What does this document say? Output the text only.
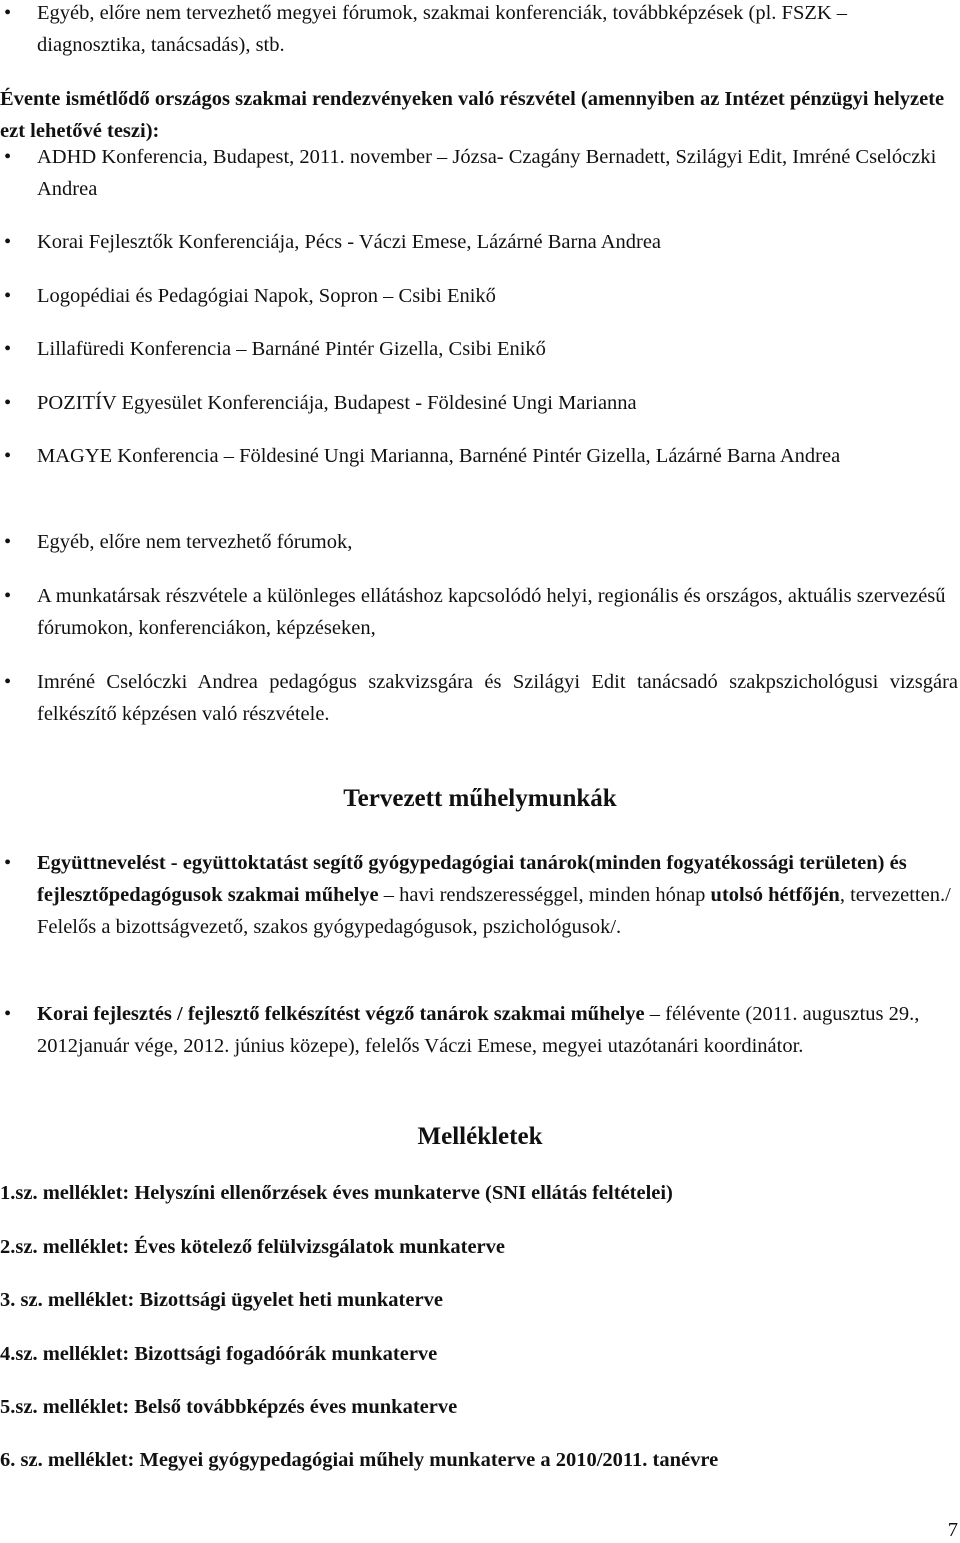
• Egyéb, előre nem tervezhető megyei fórumok, szakmai konferenciák, továbbképzések (pl. FSZK – diagnosztika, tanácsadás), stb.
Évente ismétlődő országos szakmai rendezvényeken való részvétel (amennyiben az Intézet pénzügyi helyzete ezt lehetővé teszi):
• ADHD Konferencia, Budapest, 2011. november – Józsa- Czagány Bernadett, Szilágyi Edit, Imréné Cselóczki Andrea
• Korai Fejlesztők Konferenciája, Pécs - Váczi Emese, Lázárné Barna Andrea
• Logopédiai és Pedagógiai Napok, Sopron – Csibi Enikő
• Lillafüredi Konferencia – Barnáné Pintér Gizella, Csibi Enikő
• POZITÍV Egyesület Konferenciája, Budapest - Földesiné Ungi Marianna
• MAGYE Konferencia – Földesiné Ungi Marianna, Barnéné Pintér Gizella, Lázárné Barna Andrea
• Egyéb, előre nem tervezhető fórumok,
• A munkatársak részvétele a különleges ellátáshoz kapcsolódó helyi, regionális és országos, aktuális szervezésű fórumokon, konferenciákon, képzéseken,
• Imréné Cselóczki Andrea pedagógus szakvizsgára és Szilágyi Edit tanácsadó szakpszichológusi vizsgára felkészítő képzésen való részvétele.
Tervezett műhelymunkák
• Együttnevelést - együttoktatást segítő gyógypedagógiai tanárok(minden fogyatékossági területen) és fejlesztőpedagógusok szakmai műhelye – havi rendszerességgel, minden hónap utolsó hétfőjén, tervezetten./ Felelős a bizottságvezető, szakos gyógypedagógusok, pszichológusok/.
• Korai fejlesztés / fejlesztő felkészítést végző tanárok szakmai műhelye – félévente (2011. augusztus 29., 2012január vége, 2012. június közepe), felelős Váczi Emese, megyei utazótanári koordinátor.
Mellékletek
1.sz. melléklet: Helyszíni ellenőrzések éves munkaterve (SNI ellátás feltételei)
2.sz. melléklet: Éves kötelező felülvizsgálatok munkaterve
3. sz. melléklet: Bizottsági ügyelet heti munkaterve
4.sz. melléklet: Bizottsági fogadóórák munkaterve
5.sz. melléklet: Belső továbbképzés éves munkaterve
6. sz. melléklet: Megyei gyógypedagógiai műhely munkaterve a 2010/2011. tanévre
7
